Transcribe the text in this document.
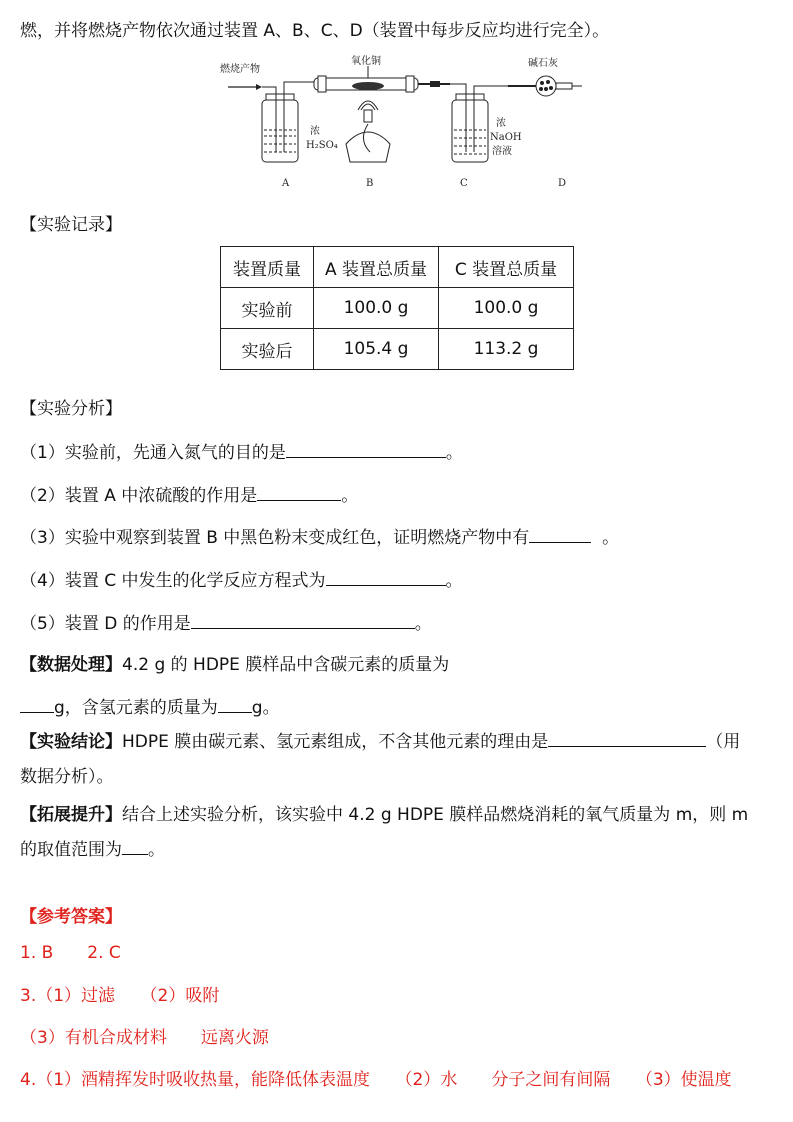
燃，并将燃烧产物依次通过装置 A、B、C、D（装置中每步反应均进行完全）。
燃烧产物
浓
H₂SO₄
氧化铜
浓
NaOH
溶液
碱石灰
A	B	C	D
【实验记录】
装置质量	A 装置总质量	C 装置总质量
实验前	100.0 g	100.0 g
实验后	105.4 g	113.2 g
【实验分析】
（1）实验前，先通入氮气的目的是	。
（2）装置 A 中浓硫酸的作用是	。
（3）实验中观察到装置 B 中黑色粉末变成红色，证明燃烧产物中有	。
（4）装置 C 中发生的化学反应方程式为	。
（5）装置 D 的作用是	。
【数据处理】4.2 g 的 HDPE 膜样品中含碳元素的质量为
g，含氢元素的质量为 g。
【实验结论】HDPE 膜由碳元素、氢元素组成，不含其他元素的理由是	（用
数据分析）。
【拓展提升】结合上述实验分析，该实验中 4.2 g HDPE 膜样品燃烧消耗的氧气质量为 m，则 m
的取值范围为 。
【参考答案】
1. B　　2. C
3.（1）过滤　　（2）吸附
（3）有机合成材料　　远离火源
4.（1）酒精挥发时吸收热量，能降低体表温度　　（2）水　　分子之间有间隔　　（3）使温度
